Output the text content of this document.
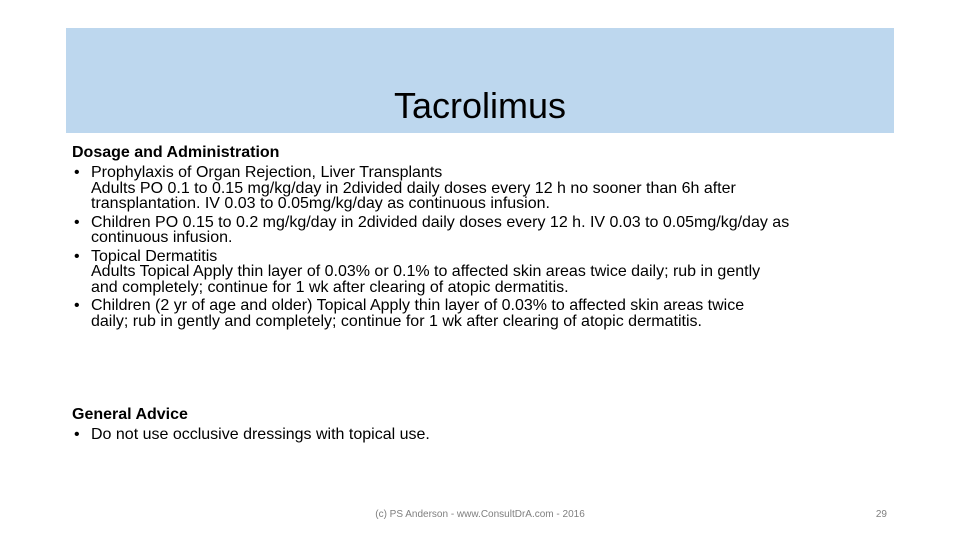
Tacrolimus
Dosage and Administration
• Prophylaxis of Organ Rejection, Liver Transplants
Adults PO 0.1 to 0.15 mg/kg/day in 2divided daily doses every 12 h no sooner than 6h after
transplantation. IV 0.03 to 0.05mg/kg/day as continuous infusion.
• Children PO 0.15 to 0.2 mg/kg/day in 2divided daily doses every 12 h. IV 0.03 to 0.05mg/kg/day as
continuous infusion.
• Topical Dermatitis
Adults Topical Apply thin layer of 0.03% or 0.1% to affected skin areas twice daily; rub in gently
and completely; continue for 1 wk after clearing of atopic dermatitis.
• Children (2 yr of age and older) Topical Apply thin layer of 0.03% to affected skin areas twice
daily; rub in gently and completely; continue for 1 wk after clearing of atopic dermatitis.
General Advice
• Do not use occlusive dressings with topical use.
(c) PS Anderson - www.ConsultDrA.com - 2016	29
